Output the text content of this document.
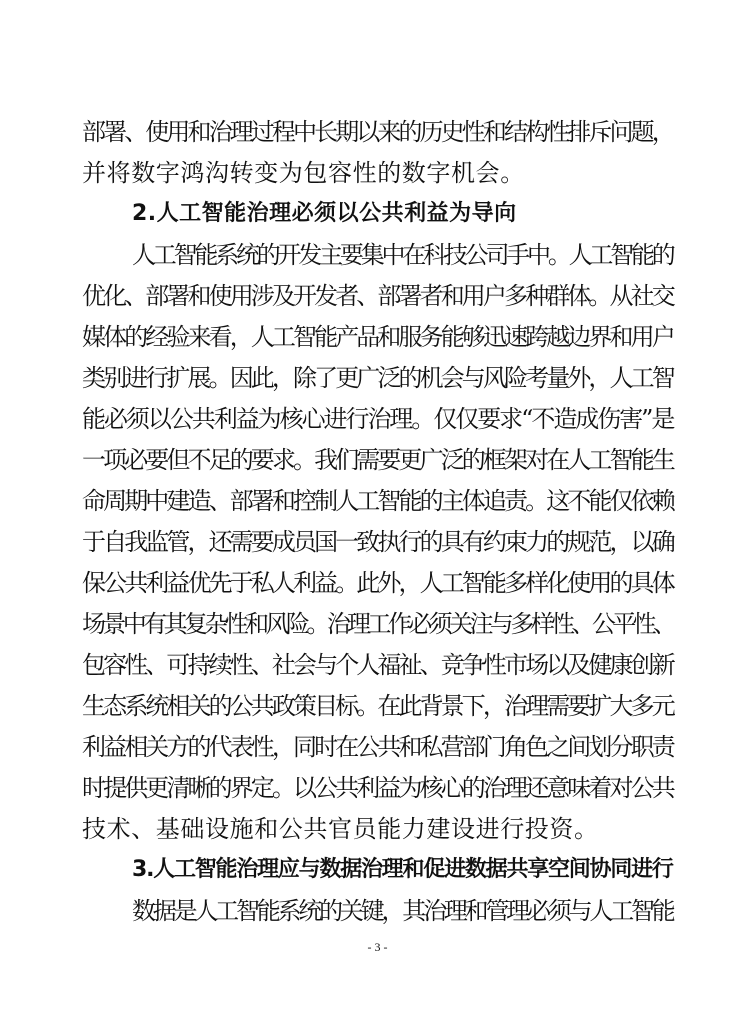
部署、使用和治理过程中长期以来的历史性和结构性排斥问题，
并将数字鸿沟转变为包容性的数字机会。
2.人工智能治理必须以公共利益为导向
人工智能系统的开发主要集中在科技公司手中。人工智能的
优化、部署和使用涉及开发者、部署者和用户多种群体。从社交
媒体的经验来看，人工智能产品和服务能够迅速跨越边界和用户
类别进行扩展。因此，除了更广泛的机会与风险考量外，人工智
能必须以公共利益为核心进行治理。仅仅要求“不造成伤害”是
一项必要但不足的要求。我们需要更广泛的框架对在人工智能生
命周期中建造、部署和控制人工智能的主体追责。这不能仅依赖
于自我监管，还需要成员国一致执行的具有约束力的规范，以确
保公共利益优先于私人利益。此外，人工智能多样化使用的具体
场景中有其复杂性和风险。治理工作必须关注与多样性、公平性、
包容性、可持续性、社会与个人福祉、竞争性市场以及健康创新
生态系统相关的公共政策目标。在此背景下，治理需要扩大多元
利益相关方的代表性，同时在公共和私营部门角色之间划分职责
时提供更清晰的界定。以公共利益为核心的治理还意味着对公共
技术、基础设施和公共官员能力建设进行投资。
3.人工智能治理应与数据治理和促进数据共享空间协同进行
数据是人工智能系统的关键，其治理和管理必须与人工智能
- 3 -
